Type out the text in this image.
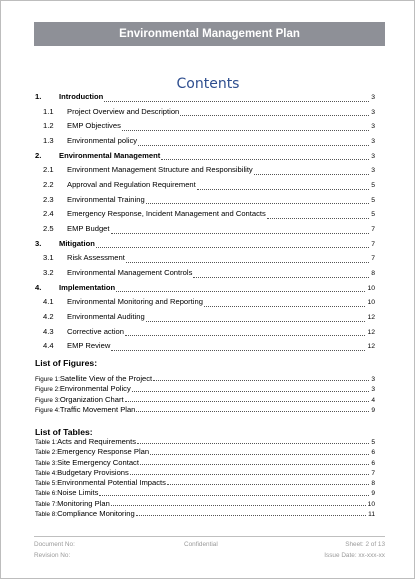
Environmental Management Plan
Contents
1.	Introduction	3
1.1	Project Overview and Description	3
1.2	EMP Objectives	3
1.3	Environmental policy	3
2.	Environmental Management	3
2.1	Environment Management Structure and Responsibility	3
2.2	Approval and Regulation Requirement	5
2.3	Environmental Training	5
2.4	Emergency Response, Incident Management and Contacts	5
2.5	EMP Budget	7
3.	Mitigation	7
3.1	Risk Assessment	7
3.2	Environmental Management Controls	8
4.	Implementation	10
4.1	Environmental Monitoring and Reporting	10
4.2	Environmental Auditing	12
4.3	Corrective action	12
4.4	EMP Review	12
List of Figures:
Figure 1: Satellite View of the Project	3
Figure 2: Environmental Policy	3
Figure 3: Organization Chart	4
Figure 4: Traffic Movement Plan	9
List of Tables:
Table 1: Acts and Requirements	5
Table 2: Emergency Response Plan	6
Table 3: Site Emergency Contact	6
Table 4: Budgetary Provisions	7
Table 5: Environmental Potential Impacts	8
Table 6: Noise Limits	9
Table 7: Monitoring Plan	10
Table 8: Compliance Monitoring	11
Document No:
Revision No:
Confidential	Sheet: 2 of 13
Issue Date: xx-xxx-xx
